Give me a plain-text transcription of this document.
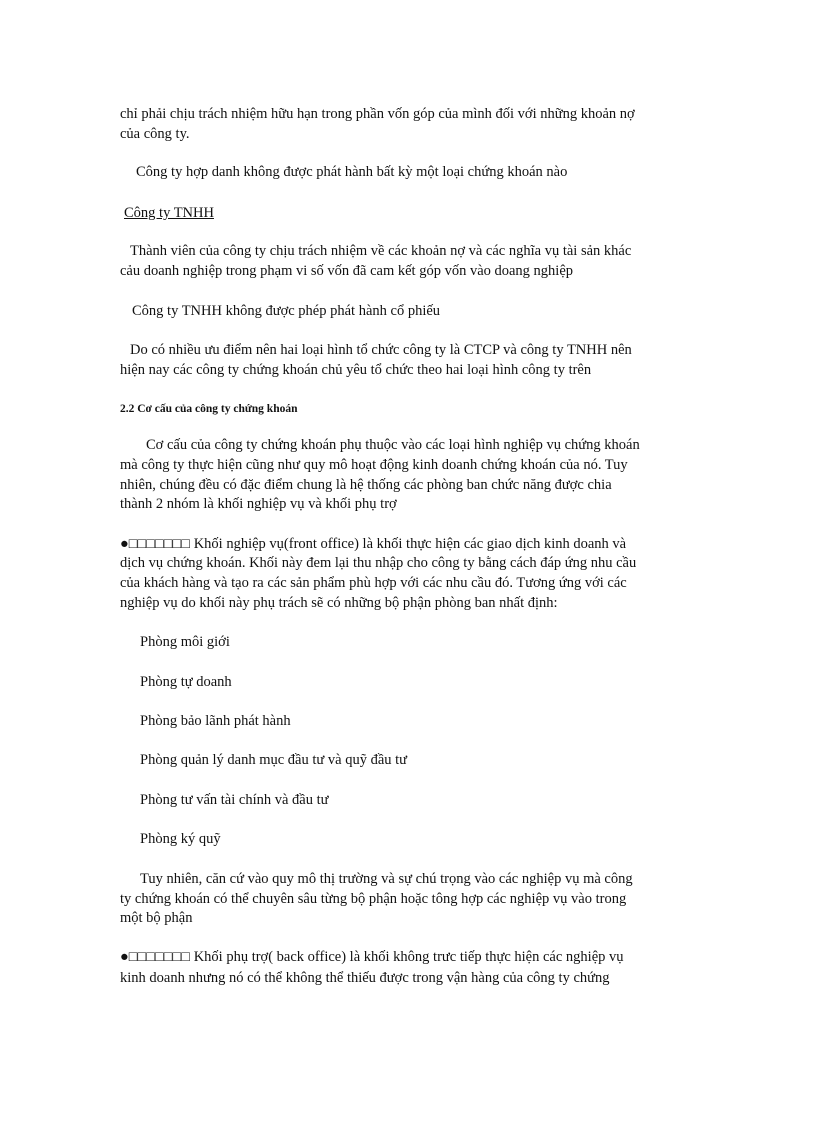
chỉ phải chịu trách nhiệm hữu hạn trong phần vốn góp của mình đối với những khoản nợ
của công ty.
Công ty hợp danh không được phát hành bất kỳ một loại chứng khoán nào
Công ty TNHH
Thành viên của công ty chịu trách nhiệm về các khoản nợ và các nghĩa vụ tài sản khác
cảu doanh nghiệp trong phạm vi số vốn đã cam kết góp vốn vào doang nghiệp
Công ty TNHH không được phép phát hành cổ phiếu
Do có nhiều ưu điểm nên hai loại hình tổ chức công ty là CTCP và công ty TNHH nên
hiện nay các công ty chứng khoán chủ yêu tổ chức theo hai loại hình công ty trên
2.2 Cơ cấu của công ty chứng khoán
Cơ cấu của công ty chứng khoán phụ thuộc vào các loại hình nghiệp vụ chứng khoán
mà công ty thực hiện cũng như quy mô hoạt động kinh doanh chứng khoán của nó. Tuy
nhiên, chúng đều có đặc điểm chung là hệ thống các phòng ban chức năng được chia
thành 2 nhóm là khối nghiệp vụ và khối phụ trợ
●□□□□□□□ Khối nghiệp vụ(front office) là khối thực hiện các giao dịch kinh doanh và
dịch vụ chứng khoán. Khối này đem lại thu nhập cho công ty bằng cách đáp ứng nhu cầu
của khách hàng và tạo ra các sản phẩm phù hợp với các nhu cầu đó. Tương ứng với các
nghiệp vụ do khối này phụ trách sẽ có những bộ phận phòng ban nhất định:
Phòng môi giới
Phòng tự doanh
Phòng bảo lãnh phát hành
Phòng quản lý danh mục đầu tư và quỹ đầu tư
Phòng tư vấn tài chính và đầu tư
Phòng ký quỹ
Tuy nhiên, căn cứ vào quy mô thị trường và sự chú trọng vào các nghiệp vụ mà công
ty chứng khoán có thể chuyên sâu từng bộ phận hoặc tông hợp các nghiệp vụ vào trong
một bộ phận
●□□□□□□□ Khối phụ trợ( back office) là khối không trưc tiếp thực hiện các nghiệp vụ
kinh doanh nhưng nó có thể không thể thiếu được trong vận hàng của công ty chứng
